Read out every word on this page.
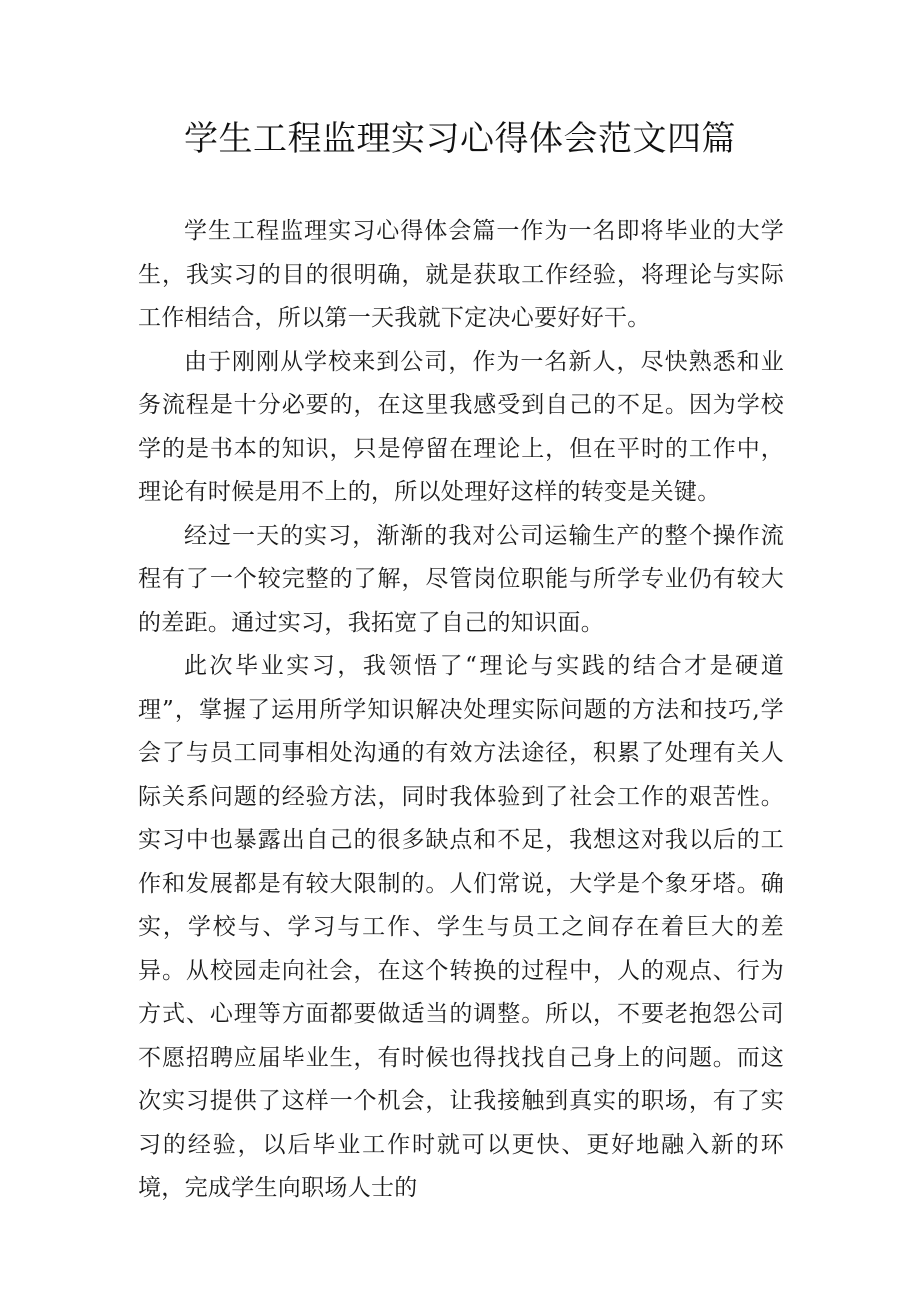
学生工程监理实习心得体会范文四篇

学生工程监理实习心得体会篇一作为一名即将毕业的大学生，我实习的目的很明确，就是获取工作经验，将理论与实际工作相结合，所以第一天我就下定决心要好好干。

由于刚刚从学校来到公司，作为一名新人，尽快熟悉和业务流程是十分必要的，在这里我感受到自己的不足。因为学校学的是书本的知识，只是停留在理论上，但在平时的工作中，理论有时候是用不上的，所以处理好这样的转变是关键。

经过一天的实习，渐渐的我对公司运输生产的整个操作流程有了一个较完整的了解，尽管岗位职能与所学专业仍有较大的差距。通过实习，我拓宽了自己的知识面。

此次毕业实习，我领悟了“理论与实践的结合才是硬道理”，掌握了运用所学知识解决处理实际问题的方法和技巧,学会了与员工同事相处沟通的有效方法途径，积累了处理有关人际关系问题的经验方法，同时我体验到了社会工作的艰苦性。实习中也暴露出自己的很多缺点和不足，我想这对我以后的工作和发展都是有较大限制的。人们常说，大学是个象牙塔。确实，学校与、学习与工作、学生与员工之间存在着巨大的差异。从校园走向社会，在这个转换的过程中，人的观点、行为方式、心理等方面都要做适当的调整。所以，不要老抱怨公司不愿招聘应届毕业生，有时候也得找找自己身上的问题。而这次实习提供了这样一个机会，让我接触到真实的职场，有了实习的经验，以后毕业工作时就可以更快、更好地融入新的环境，完成学生向职场人士的
